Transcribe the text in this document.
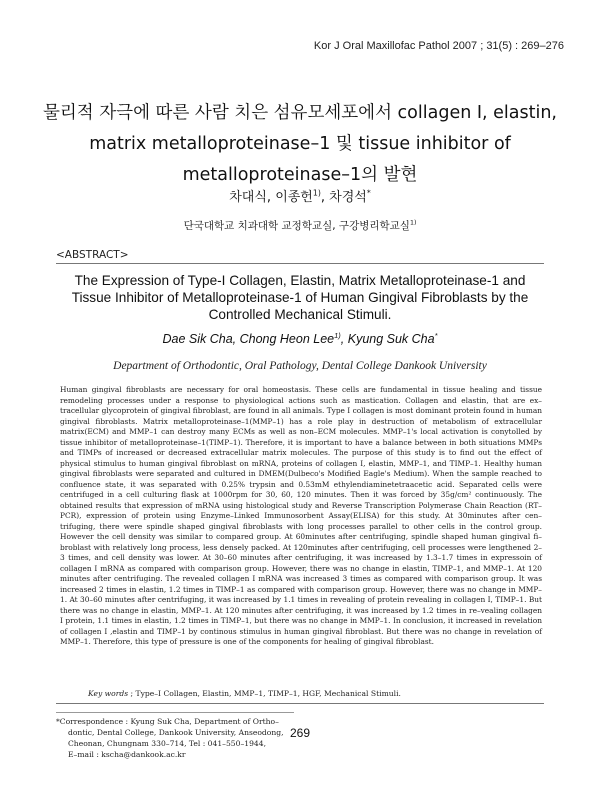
Kor J Oral Maxillofac Pathol 2007 ; 31(5) : 269–276
물리적 자극에 따른 사람 치은 섬유모세포에서 collagen I, elastin,
matrix metalloproteinase–1 및 tissue inhibitor of
metalloproteinase–1의 발현
차대식, 이종헌$^{1)}$, 차경석*
단국대학교 치과대학 교정학교실, 구강병리학교실$^{1)}$
<ABSTRACT>
The Expression of Type-I Collagen, Elastin, Matrix Metalloproteinase-1 and
Tissue Inhibitor of Metalloproteinase-1 of Human Gingival Fibroblasts by the
Controlled Mechanical Stimuli.
Dae Sik Cha, Chong Heon Lee$^{1)}$, Kyung Suk Cha*
Department of Orthodontic, Oral Pathology, Dental College Dankook University

Human gingival fibroblasts are necessary for oral homeostasis. These cells are fundamental in tissue healing and tissue remodeling processes under a response to physiological actions such as mastication. Collagen and elastin, that are ex–tracellular glycoprotein of gingival fibroblast, are found in all animals. Type I collagen is most dominant protein found in human gingival fibroblasts. Matrix metalloproteinase–1(MMP–1) has a role play in destruction of metabolism of extracellular matrix(ECM) and MMP–1 can destroy many ECMs as well as non–ECM molecules. MMP–1's local activation is conytolled by tissue inhibitor of metalloproteinase–1(TIMP–1). Therefore, it is important to have a balance between in both situations MMPs and TIMPs of increased or decreased extracellular matrix molecules. The purpose of this study is to find out the effect of physical stimulus to human gingival fibroblast on mRNA, proteins of collagen I, elastin, MMP–1, and TIMP–1. Healthy human gingival fibroblasts were separated and cultured in DMEM(Dulbeco's Modified Eagle's Medium). When the sample reached to confluence state, it was separated with 0.25% trypsin and 0.53mM ethylendiaminetetraacetic acid. Separated cells were centrifuged in a cell culturing flask at 1000rpm for 30, 60, 120 minutes. Then it was forced by 35g/cm² continuously. The obtained results that expression of mRNA using histological study and Reverse Transcription Polymerase Chain Reaction (RT–PCR), expression of protein using Enzyme–Linked Immunosorbent Assay(ELISA) for this study. At 30minutes after cen–trifuging, there were spindle shaped gingival fibroblasts with long processes parallel to other cells in the control group. However the cell density was similar to compared group. At 60minutes after centrifuging, spindle shaped human gingival fi–broblast with relatively long process, less densely packed. At 120minutes after centrifuging, cell processes were lengthened 2–3 times, and cell density was lower. At 30–60 minutes after centrifuging, it was increased by 1.3–1.7 times in expressoin of collagen I mRNA as compared with comparison group. However, there was no change in elastin, TIMP–1, and MMP–1. At 120 minutes after centrifuging. The revealed collagen I mRNA was increased 3 times as compared with comparison group. It was increased 2 times in elastin, 1.2 times in TIMP–1 as compared with comparison group. However, there was no change in MMP–1. At 30–60 minutes after centrifuging, it was increased by 1.1 times in revealing of protein revealing in collagen I, TIMP–1. But there was no change in elastin, MMP–1. At 120 minutes after centrifuging, it was increased by 1.2 times in re–vealing collagen I protein, 1.1 times in elastin, 1.2 times in TIMP–1, but there was no change in MMP–1. In conclusion, it increased in revelation of collagen I ,elastin and TIMP–1 by continous stimulus in human gingival fibroblast. But there was no change in revelation of MMP–1. Therefore, this type of pressure is one of the components for healing of gingival fibroblast.

Key words ; Type–I Collagen, Elastin, MMP–1, TIMP–1, HGF, Mechanical Stimuli.
*Correspondence : Kyung Suk Cha, Department of Ortho–
dontic, Dental College, Dankook University, Anseodong,
Cheonan, Chungnam 330–714, Tel : 041–550–1944,
E–mail : kscha@dankook.ac.kr
269
